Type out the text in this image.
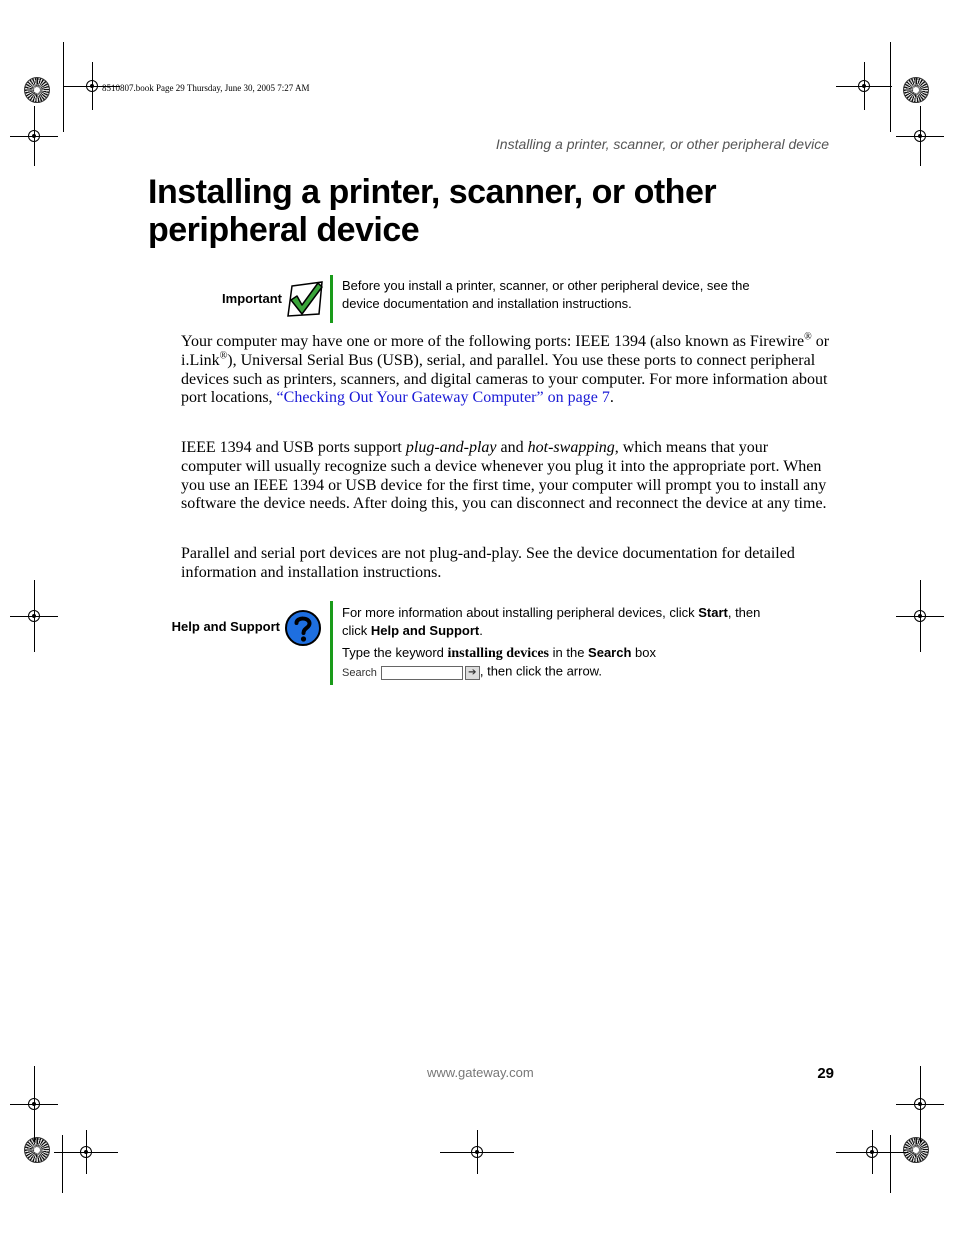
8510807.book Page 29 Thursday, June 30, 2005 7:27 AM
Installing a printer, scanner, or other peripheral device
Installing a printer, scanner, or other peripheral device
Important
Before you install a printer, scanner, or other peripheral device, see the device documentation and installation instructions.

Your computer may have one or more of the following ports: IEEE 1394 (also known as Firewire® or i.Link®), Universal Serial Bus (USB), serial, and parallel. You use these ports to connect peripheral devices such as printers, scanners, and digital cameras to your computer. For more information about port locations, “Checking Out Your Gateway Computer” on page 7.

IEEE 1394 and USB ports support plug-and-play and hot-swapping, which means that your computer will usually recognize such a device whenever you plug it into the appropriate port. When you use an IEEE 1394 or USB device for the first time, your computer will prompt you to install any software the device needs. After doing this, you can disconnect and reconnect the device at any time.

Parallel and serial port devices are not plug-and-play. See the device documentation for detailed information and installation instructions.

Help and Support
For more information about installing peripheral devices, click Start, then click Help and Support.
Type the keyword installing devices in the Search box
Search	➔ , then click the arrow.
www.gateway.com	29
